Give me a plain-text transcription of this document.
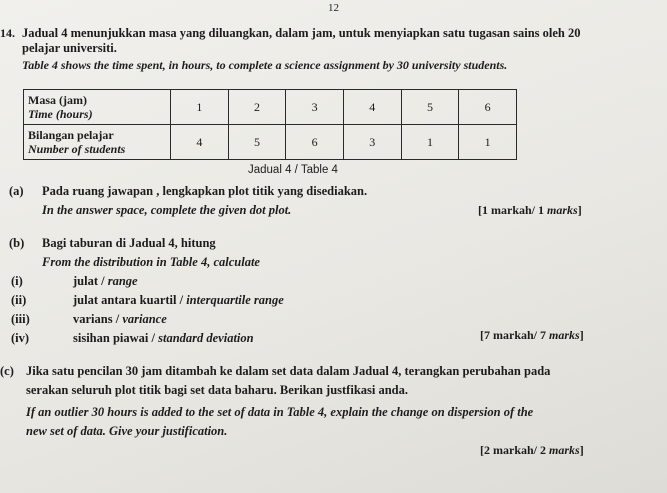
12
14. Jadual 4 menunjukkan masa yang diluangkan, dalam jam, untuk menyiapkan satu tugasan sains oleh 20 pelajar universiti.
Table 4 shows the time spent, in hours, to complete a science assignment by 30 university students.
Masa (jam)
Time (hours)	1	2	3	4	5	6

Bilangan pelajar
Number of students	4	5	6	3	1	1
Jadual 4 / Table 4
(a) Pada ruang jawapan , lengkapkan plot titik yang disediakan.
In the answer space, complete the given dot plot.	[1 markah/ 1 marks]
(b) Bagi taburan di Jadual 4, hitung
From the distribution in Table 4, calculate
(i)	julat / range
(ii)	julat antara kuartil / interquartile range
(iii)	varians / variance
(iv)	sisihan piawai / standard deviation	[7 markah/ 7 marks]
(c) Jika satu pencilan 30 jam ditambah ke dalam set data dalam Jadual 4, terangkan perubahan pada
serakan seluruh plot titik bagi set data baharu. Berikan justfikasi anda.
If an outlier 30 hours is added to the set of data in Table 4, explain the change on dispersion of the
new set of data. Give your justification.
[2 markah/ 2 marks]
